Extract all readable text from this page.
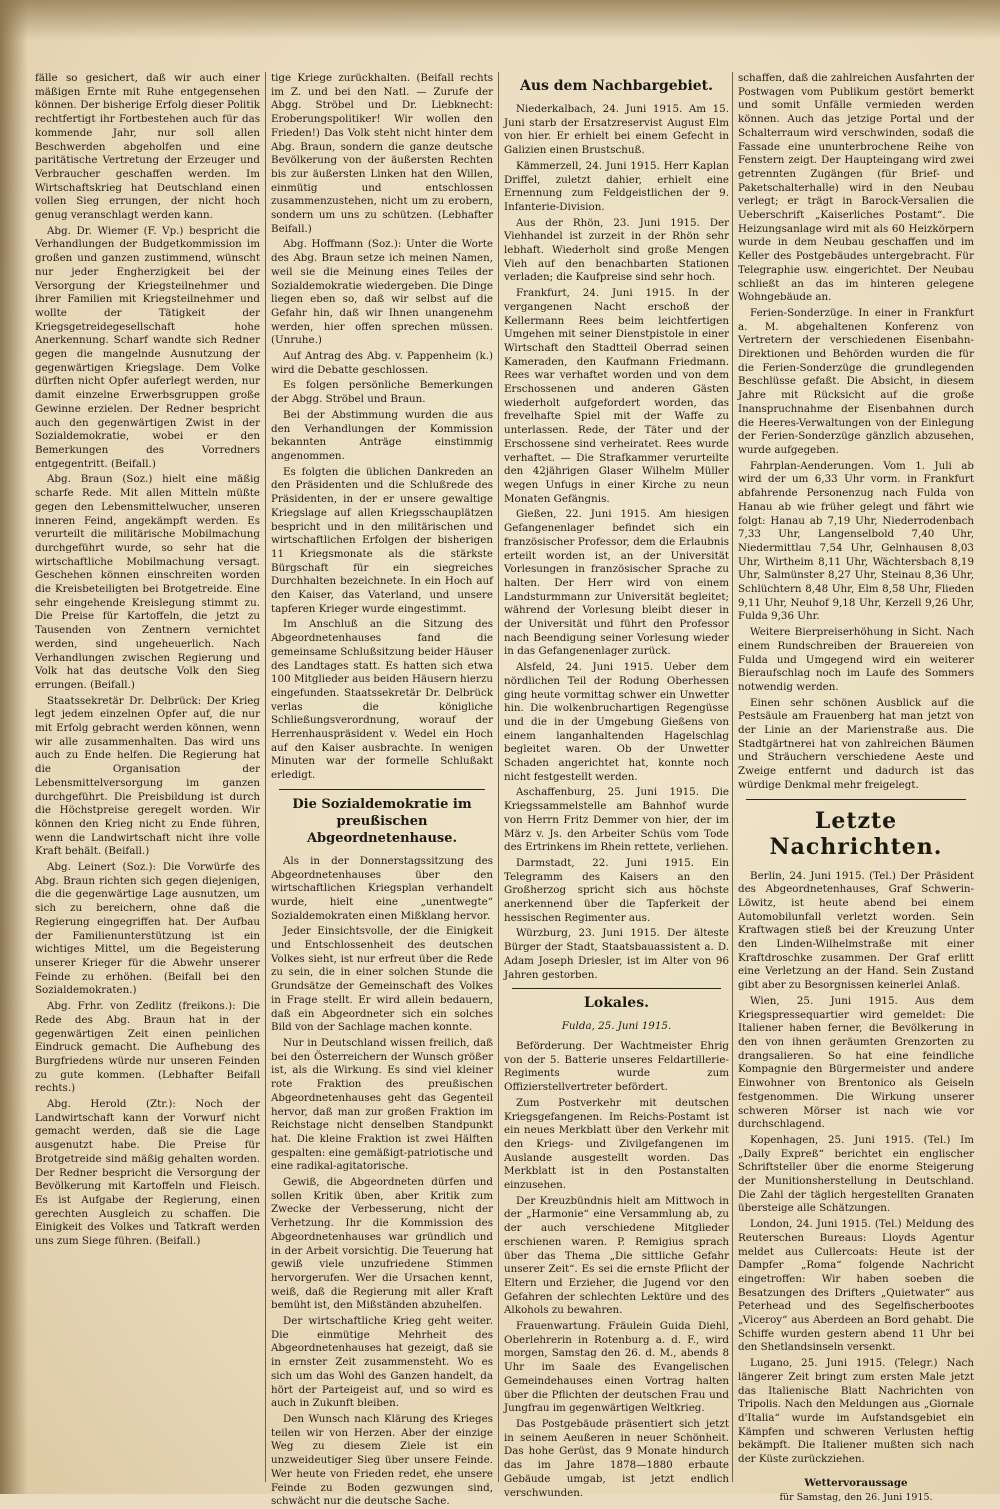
fälle so gesichert, daß wir auch einer mäßigen Ernte mit Ruhe entgegensehen können. Der bisherige Erfolg dieser Politik rechtfertigt ihr Fortbestehen auch für das kommende Jahr, nur soll allen Beschwerden abgeholfen und eine paritätische Vertretung der Erzeuger und Verbraucher geschaffen werden. Im Wirtschaftskrieg hat Deutschland einen vollen Sieg errungen, der nicht hoch genug veranschlagt werden kann.

Abg. Dr. Wiemer (F. Vp.) bespricht die Verhandlungen der Budgetkommission im großen und ganzen zustimmend, wünscht nur jeder Engherzigkeit bei der Versorgung der Kriegsteilnehmer und ihrer Familien mit Kriegsteilnehmer und wollte der Tätigkeit der Kriegsgetreidegesellschaft hohe Anerkennung. Scharf wandte sich Redner gegen die mangelnde Ausnutzung der gegenwärtigen Kriegslage. Dem Volke dürften nicht Opfer auferlegt werden, nur damit einzelne Erwerbsgruppen große Gewinne erzielen. Der Redner bespricht auch den gegenwärtigen Zwist in der Sozialdemokratie, wobei er den Bemerkungen des Vorredners entgegentritt. (Beifall.)

Abg. Braun (Soz.) hielt eine mäßig scharfe Rede. Mit allen Mitteln müßte gegen den Lebensmittelwucher, unseren inneren Feind, angekämpft werden. Es verurteilt die militärische Mobilmachung durchgeführt wurde, so sehr hat die wirtschaftliche Mobilmachung versagt. Geschehen können einschreiten worden die Kreisbeteiligten bei Brotgetreide. Eine sehr eingehende Kreislegung stimmt zu. Die Preise für Kartoffeln, die jetzt zu Tausenden von Zentnern vernichtet werden, sind ungeheuerlich. Nach Verhandlungen zwischen Regierung und Volk hat das deutsche Volk den Sieg errungen. (Beifall.)

Staatssekretär Dr. Delbrück: Der Krieg legt jedem einzelnen Opfer auf, die nur mit Erfolg gebracht werden können, wenn wir alle zusammenhalten. Das wird uns auch zu Ende helfen. Die Regierung hat die Organisation der Lebensmittelversorgung im ganzen durchgeführt. Die Preisbildung ist durch die Höchstpreise geregelt worden. Wir können den Krieg nicht zu Ende führen, wenn die Landwirtschaft nicht ihre volle Kraft behält. (Beifall.)

Abg. Leinert (Soz.): Die Vorwürfe des Abg. Braun richten sich gegen diejenigen, die die gegenwärtige Lage ausnutzen, um sich zu bereichern, ohne daß die Regierung eingegriffen hat. Der Aufbau der Familienunterstützung ist ein wichtiges Mittel, um die Begeisterung unserer Krieger für die Abwehr unserer Feinde zu erhöhen. (Beifall bei den Sozialdemokraten.)

Abg. Frhr. von Zedlitz (freikons.): Die Rede des Abg. Braun hat in der gegenwärtigen Zeit einen peinlichen Eindruck gemacht. Die Aufhebung des Burgfriedens würde nur unseren Feinden zu gute kommen. (Lebhafter Beifall rechts.)

Abg. Herold (Ztr.): Noch der Landwirtschaft kann der Vorwurf nicht gemacht werden, daß sie die Lage ausgenutzt habe. Die Preise für Brotgetreide sind mäßig gehalten worden. Der Redner bespricht die Versorgung der Bevölkerung mit Kartoffeln und Fleisch. Es ist Aufgabe der Regierung, einen gerechten Ausgleich zu schaffen. Die Einigkeit des Volkes und Tatkraft werden uns zum Siege führen. (Beifall.)

tige Kriege zurückhalten. (Beifall rechts im Z. und bei den Natl. — Zurufe der Abgg. Ströbel und Dr. Liebknecht: Eroberungspolitiker! Wir wollen den Frieden!) Das Volk steht nicht hinter dem Abg. Braun, sondern die ganze deutsche Bevölkerung von der äußersten Rechten bis zur äußersten Linken hat den Willen, einmütig und entschlossen zusammenzustehen, nicht um zu erobern, sondern um uns zu schützen. (Lebhafter Beifall.)

Abg. Hoffmann (Soz.): Unter die Worte des Abg. Braun setze ich meinen Namen, weil sie die Meinung eines Teiles der Sozialdemokratie wiedergeben. Die Dinge liegen eben so, daß wir selbst auf die Gefahr hin, daß wir Ihnen unangenehm werden, hier offen sprechen müssen. (Unruhe.)

Auf Antrag des Abg. v. Pappenheim (k.) wird die Debatte geschlossen.

Es folgen persönliche Bemerkungen der Abgg. Ströbel und Braun.

Bei der Abstimmung wurden die aus den Verhandlungen der Kommission bekannten Anträge einstimmig angenommen.

Es folgten die üblichen Dankreden an den Präsidenten und die Schlußrede des Präsidenten, in der er unsere gewaltige Kriegslage auf allen Kriegsschauplätzen bespricht und in den militärischen und wirtschaftlichen Erfolgen der bisherigen 11 Kriegsmonate als die stärkste Bürgschaft für ein siegreiches Durchhalten bezeichnete. In ein Hoch auf den Kaiser, das Vaterland, und unsere tapferen Krieger wurde eingestimmt.

Im Anschluß an die Sitzung des Abgeordnetenhauses fand die gemeinsame Schlußsitzung beider Häuser des Landtages statt. Es hatten sich etwa 100 Mitglieder aus beiden Häusern hierzu eingefunden. Staatssekretär Dr. Delbrück verlas die königliche Schließungsverordnung, worauf der Herrenhauspräsident v. Wedel ein Hoch auf den Kaiser ausbrachte. In wenigen Minuten war der formelle Schlußakt erledigt.

Die Sozialdemokratie im preußischen Abgeordnetenhause.

Als in der Donnerstagssitzung des Abgeordnetenhauses über den wirtschaftlichen Kriegsplan verhandelt wurde, hielt eine „unentwegte“ Sozialdemokraten einen Mißklang hervor.

Jeder Einsichtsvolle, der die Einigkeit und Entschlossenheit des deutschen Volkes sieht, ist nur erfreut über die Rede zu sein, die in einer solchen Stunde die Grundsätze der Gemeinschaft des Volkes in Frage stellt. Er wird allein bedauern, daß ein Abgeordneter sich ein solches Bild von der Sachlage machen konnte.

Nur in Deutschland wissen freilich, daß bei den Österreichern der Wunsch größer ist, als die Wirkung. Es sind viel kleiner rote Fraktion des preußischen Abgeordnetenhauses geht das Gegenteil hervor, daß man zur großen Fraktion im Reichstage nicht denselben Standpunkt hat. Die kleine Fraktion ist zwei Hälften gespalten: eine gemäßigt-patriotische und eine radikal-agitatorische.

Gewiß, die Abgeordneten dürfen und sollen Kritik üben, aber Kritik zum Zwecke der Verbesserung, nicht der Verhetzung. Ihr die Kommission des Abgeordnetenhauses war gründlich und in der Arbeit vorsichtig. Die Teuerung hat gewiß viele unzufriedene Stimmen hervorgerufen. Wer die Ursachen kennt, weiß, daß die Regierung mit aller Kraft bemüht ist, den Mißständen abzuhelfen.

Der wirtschaftliche Krieg geht weiter. Die einmütige Mehrheit des Abgeordnetenhauses hat gezeigt, daß sie in ernster Zeit zusammensteht. Wo es sich um das Wohl des Ganzen handelt, da hört der Parteigeist auf, und so wird es auch in Zukunft bleiben.

Den Wunsch nach Klärung des Krieges teilen wir von Herzen. Aber der einzige Weg zu diesem Ziele ist ein unzweideutiger Sieg über unsere Feinde. Wer heute von Frieden redet, ehe unsere Feinde zu Boden gezwungen sind, schwächt nur die deutsche Sache.

Aus dem Nachbargebiet.

Niederkalbach, 24. Juni 1915. Am 15. Juni starb der Ersatzreservist August Elm von hier. Er erhielt bei einem Gefecht in Galizien einen Brustschuß.

Kämmerzell, 24. Juni 1915. Herr Kaplan Driffel, zuletzt dahier, erhielt eine Ernennung zum Feldgeistlichen der 9. Infanterie-Division.

Aus der Rhön, 23. Juni 1915. Der Viehhandel ist zurzeit in der Rhön sehr lebhaft. Wiederholt sind große Mengen Vieh auf den benachbarten Stationen verladen; die Kaufpreise sind sehr hoch.

Frankfurt, 24. Juni 1915. In der vergangenen Nacht erschoß der Kellermann Rees beim leichtfertigen Umgehen mit seiner Dienstpistole in einer Wirtschaft den Stadtteil Oberrad seinen Kameraden, den Kaufmann Friedmann. Rees war verhaftet worden und von dem Erschossenen und anderen Gästen wiederholt aufgefordert worden, das frevelhafte Spiel mit der Waffe zu unterlassen. Rede, der Täter und der Erschossene sind verheiratet. Rees wurde verhaftet. — Die Strafkammer verurteilte den 42jährigen Glaser Wilhelm Müller wegen Unfugs in einer Kirche zu neun Monaten Gefängnis.

Gießen, 22. Juni 1915. Am hiesigen Gefangenenlager befindet sich ein französischer Professor, dem die Erlaubnis erteilt worden ist, an der Universität Vorlesungen in französischer Sprache zu halten. Der Herr wird von einem Landsturmmann zur Universität begleitet; während der Vorlesung bleibt dieser in der Universität und führt den Professor nach Beendigung seiner Vorlesung wieder in das Gefangenenlager zurück.

Alsfeld, 24. Juni 1915. Ueber dem nördlichen Teil der Rodung Oberhessen ging heute vormittag schwer ein Unwetter hin. Die wolkenbruchartigen Regengüsse und die in der Umgebung Gießens von einem langanhaltenden Hagelschlag begleitet waren. Ob der Unwetter Schaden angerichtet hat, konnte noch nicht festgestellt werden.

Aschaffenburg, 25. Juni 1915. Die Kriegssammelstelle am Bahnhof wurde von Herrn Fritz Demmer von hier, der im März v. Js. den Arbeiter Schüs vom Tode des Ertrinkens im Rhein rettete, verliehen.

Darmstadt, 22. Juni 1915. Ein Telegramm des Kaisers an den Großherzog spricht sich aus höchste anerkennend über die Tapferkeit der hessischen Regimenter aus.

Würzburg, 23. Juni 1915. Der älteste Bürger der Stadt, Staatsbauassistent a. D. Adam Joseph Driesler, ist im Alter von 96 Jahren gestorben.

Lokales.
Fulda, 25. Juni 1915.

Beförderung. Der Wachtmeister Ehrig von der 5. Batterie unseres Feldartillerie-Regiments wurde zum Offizierstellvertreter befördert.

Zum Postverkehr mit deutschen Kriegsgefangenen. Im Reichs-Postamt ist ein neues Merkblatt über den Verkehr mit den Kriegs- und Zivilgefangenen im Auslande ausgestellt worden. Das Merkblatt ist in den Postanstalten einzusehen.

Der Kreuzbündnis hielt am Mittwoch in der „Harmonie“ eine Versammlung ab, zu der auch verschiedene Mitglieder erschienen waren. P. Remigius sprach über das Thema „Die sittliche Gefahr unserer Zeit“. Es sei die ernste Pflicht der Eltern und Erzieher, die Jugend vor den Gefahren der schlechten Lektüre und des Alkohols zu bewahren.

Frauenwartung. Fräulein Guida Diehl, Oberlehrerin in Rotenburg a. d. F., wird morgen, Samstag den 26. d. M., abends 8 Uhr im Saale des Evangelischen Gemeindehauses einen Vortrag halten über die Pflichten der deutschen Frau und Jungfrau im gegenwärtigen Weltkrieg.

Das Postgebäude präsentiert sich jetzt in seinem Aeußeren in neuer Schönheit. Das hohe Gerüst, das 9 Monate hindurch das im Jahre 1878—1880 erbaute Gebäude umgab, ist jetzt endlich verschwunden.

schaffen, daß die zahlreichen Ausfahrten der Postwagen vom Publikum gestört bemerkt und somit Unfälle vermieden werden können. Auch das jetzige Portal und der Schalterraum wird verschwinden, sodaß die Fassade eine ununterbrochene Reihe von Fenstern zeigt. Der Haupteingang wird zwei getrennten Zugängen (für Brief- und Paketschalterhalle) wird in den Neubau verlegt; er trägt in Barock-Versalien die Ueberschrift „Kaiserliches Postamt“. Die Heizungsanlage wird mit als 60 Heizkörpern wurde in dem Neubau geschaffen und im Keller des Postgebäudes untergebracht. Für Telegraphie usw. eingerichtet. Der Neubau schließt an das im hinteren gelegene Wohngebäude an.

Ferien-Sonderzüge. In einer in Frankfurt a. M. abgehaltenen Konferenz von Vertretern der verschiedenen Eisenbahn-Direktionen und Behörden wurden die für die Ferien-Sonderzüge die grundlegenden Beschlüsse gefaßt. Die Absicht, in diesem Jahre mit Rücksicht auf die große Inanspruchnahme der Eisenbahnen durch die Heeres-Verwaltungen von der Einlegung der Ferien-Sonderzüge gänzlich abzusehen, wurde aufgegeben.

Fahrplan-Aenderungen. Vom 1. Juli ab wird der um 6,33 Uhr vorm. in Frankfurt abfahrende Personenzug nach Fulda von Hanau ab wie früher gelegt und fährt wie folgt: Hanau ab 7,19 Uhr, Niederrodenbach 7,33 Uhr, Langenselbold 7,40 Uhr, Niedermittlau 7,54 Uhr, Gelnhausen 8,03 Uhr, Wirtheim 8,11 Uhr, Wächtersbach 8,19 Uhr, Salmünster 8,27 Uhr, Steinau 8,36 Uhr, Schlüchtern 8,48 Uhr, Elm 8,58 Uhr, Flieden 9,11 Uhr, Neuhof 9,18 Uhr, Kerzell 9,26 Uhr, Fulda 9,36 Uhr.

Weitere Bierpreiserhöhung in Sicht. Nach einem Rundschreiben der Brauereien von Fulda und Umgegend wird ein weiterer Bieraufschlag noch im Laufe des Sommers notwendig werden.

Einen sehr schönen Ausblick auf die Pestsäule am Frauenberg hat man jetzt von der Linie an der Marienstraße aus. Die Stadtgärtnerei hat von zahlreichen Bäumen und Sträuchern verschiedene Aeste und Zweige entfernt und dadurch ist das würdige Denkmal mehr freigelegt.

Letzte Nachrichten.

Berlin, 24. Juni 1915. (Tel.) Der Präsident des Abgeordnetenhauses, Graf Schwerin-Löwitz, ist heute abend bei einem Automobilunfall verletzt worden. Sein Kraftwagen stieß bei der Kreuzung Unter den Linden-Wilhelmstraße mit einer Kraftdroschke zusammen. Der Graf erlitt eine Verletzung an der Hand. Sein Zustand gibt aber zu Besorgnissen keinerlei Anlaß.

Wien, 25. Juni 1915. Aus dem Kriegspressequartier wird gemeldet: Die Italiener haben ferner, die Bevölkerung in den von ihnen geräumten Grenzorten zu drangsalieren. So hat eine feindliche Kompagnie den Bürgermeister und andere Einwohner von Brentonico als Geiseln festgenommen. Die Wirkung unserer schweren Mörser ist nach wie vor durchschlagend.

Kopenhagen, 25. Juni 1915. (Tel.) Im „Daily Expreß“ berichtet ein englischer Schriftsteller über die enorme Steigerung der Munitionsherstellung in Deutschland. Die Zahl der täglich hergestellten Granaten übersteige alle Schätzungen.

London, 24. Juni 1915. (Tel.) Meldung des Reuterschen Bureaus: Lloyds Agentur meldet aus Cullercoats: Heute ist der Dampfer „Roma“ folgende Nachricht eingetroffen: Wir haben soeben die Besatzungen des Drifters „Quietwater“ aus Peterhead und des Segelfischerbootes „Viceroy“ aus Aberdeen an Bord gehabt. Die Schiffe wurden gestern abend 11 Uhr bei den Shetlandsinseln versenkt.

Lugano, 25. Juni 1915. (Telegr.) Nach längerer Zeit bringt zum ersten Male jetzt das Italienische Blatt Nachrichten von Tripolis. Nach den Meldungen aus „Giornale d'Italia“ wurde im Aufstandsgebiet ein Kämpfen und schweren Verlusten heftig bekämpft. Die Italiener mußten sich nach der Küste zurückziehen.

Wettervoraussage
für Samstag, den 26. Juni 1915.
